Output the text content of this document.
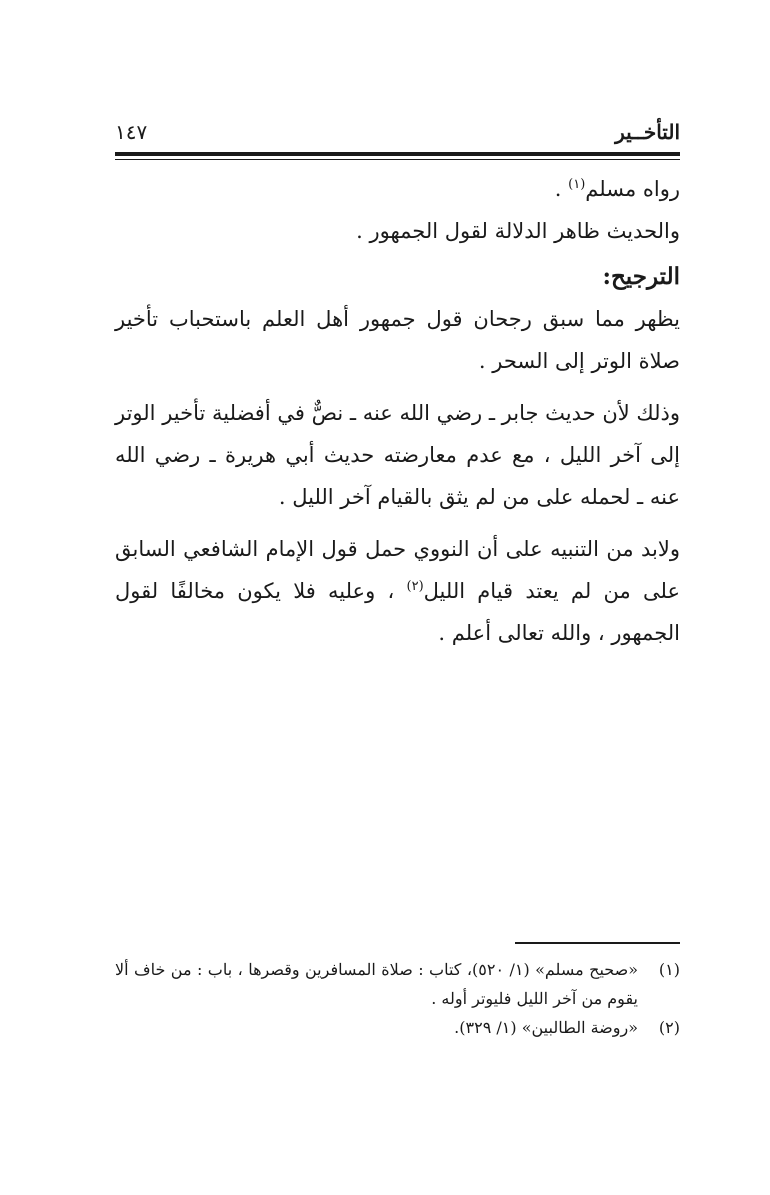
التأخــير
١٤٧

رواه مسلم$^{(١)}$ .

والحديث ظاهر الدلالة لقول الجمهور .

الترجيح:

يظهر مما سبق رجحان قول جمهور أهل العلم باستحباب تأخير صلاة الوتر إلى السحر .

وذلك لأن حديث جابر ـ رضي الله عنه ـ نصٌّ في أفضلية تأخير الوتر إلى آخر الليل ، مع عدم معارضته حديث أبي هريرة ـ رضي الله عنه ـ لحمله على من لم يثق بالقيام آخر الليل .

ولابد من التنبيه على أن النووي حمل قول الإمام الشافعي السابق على من لم يعتد قيام الليل$^{(٢)}$ ، وعليه فلا يكون مخالفًا لقول الجمهور ، والله تعالى أعلم .

(١)
«صحيح مسلم» (١/ ٥٢٠)، كتاب : صلاة المسافرين وقصرها ، باب : من خاف ألا يقوم من آخر الليل فليوتر أوله .

(٢)
«روضة الطالبين» (١/ ٣٢٩).
